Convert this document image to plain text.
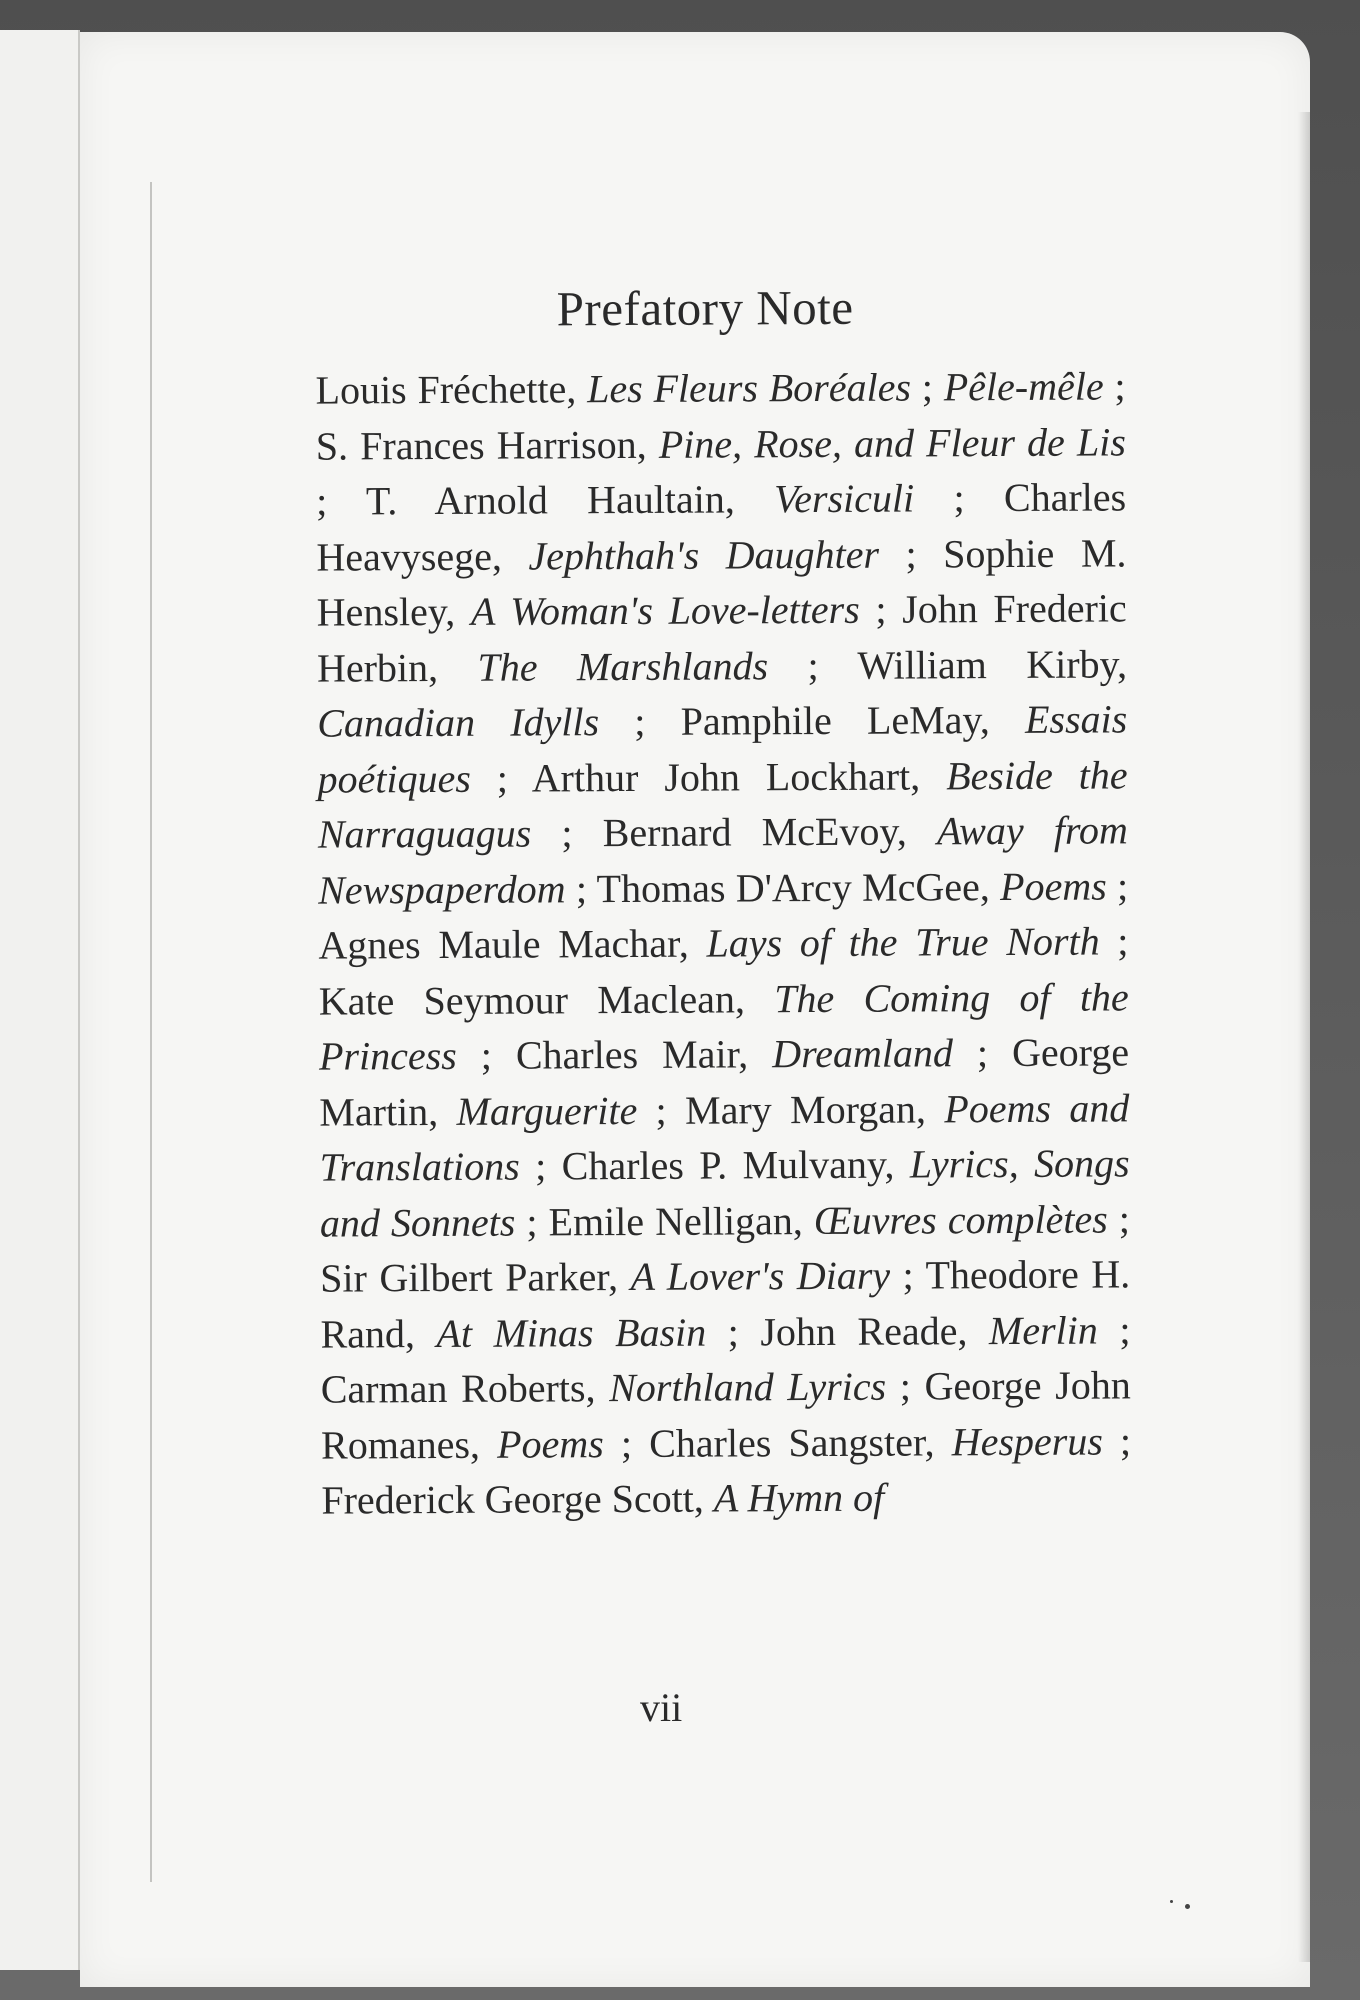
Prefatory Note

Louis Fréchette, Les Fleurs Boréales ; Pêle-mêle ; S. Frances Harrison, Pine, Rose, and Fleur de Lis ; T. Arnold Haultain, Versiculi ; Charles Heavysege, Jephthah's Daughter ; Sophie M. Hensley, A Woman's Love-letters ; John Frederic Herbin, The Marshlands ; William Kirby, Canadian Idylls ; Pamphile LeMay, Essais poétiques ; Arthur John Lockhart, Beside the Narraguagus ; Bernard McEvoy, Away from Newspaperdom ; Thomas D'Arcy McGee, Poems ; Agnes Maule Machar, Lays of the True North ; Kate Seymour Maclean, The Coming of the Princess ; Charles Mair, Dreamland ; George Martin, Marguerite ; Mary Morgan, Poems and Translations ; Charles P. Mulvany, Lyrics, Songs and Sonnets ; Emile Nelligan, Œuvres complètes ; Sir Gilbert Parker, A Lover's Diary ; Theodore H. Rand, At Minas Basin ; John Reade, Merlin ; Carman Roberts, Northland Lyrics ; George John Romanes, Poems ; Charles Sangster, Hesperus ; Frederick George Scott, A Hymn of

vii
